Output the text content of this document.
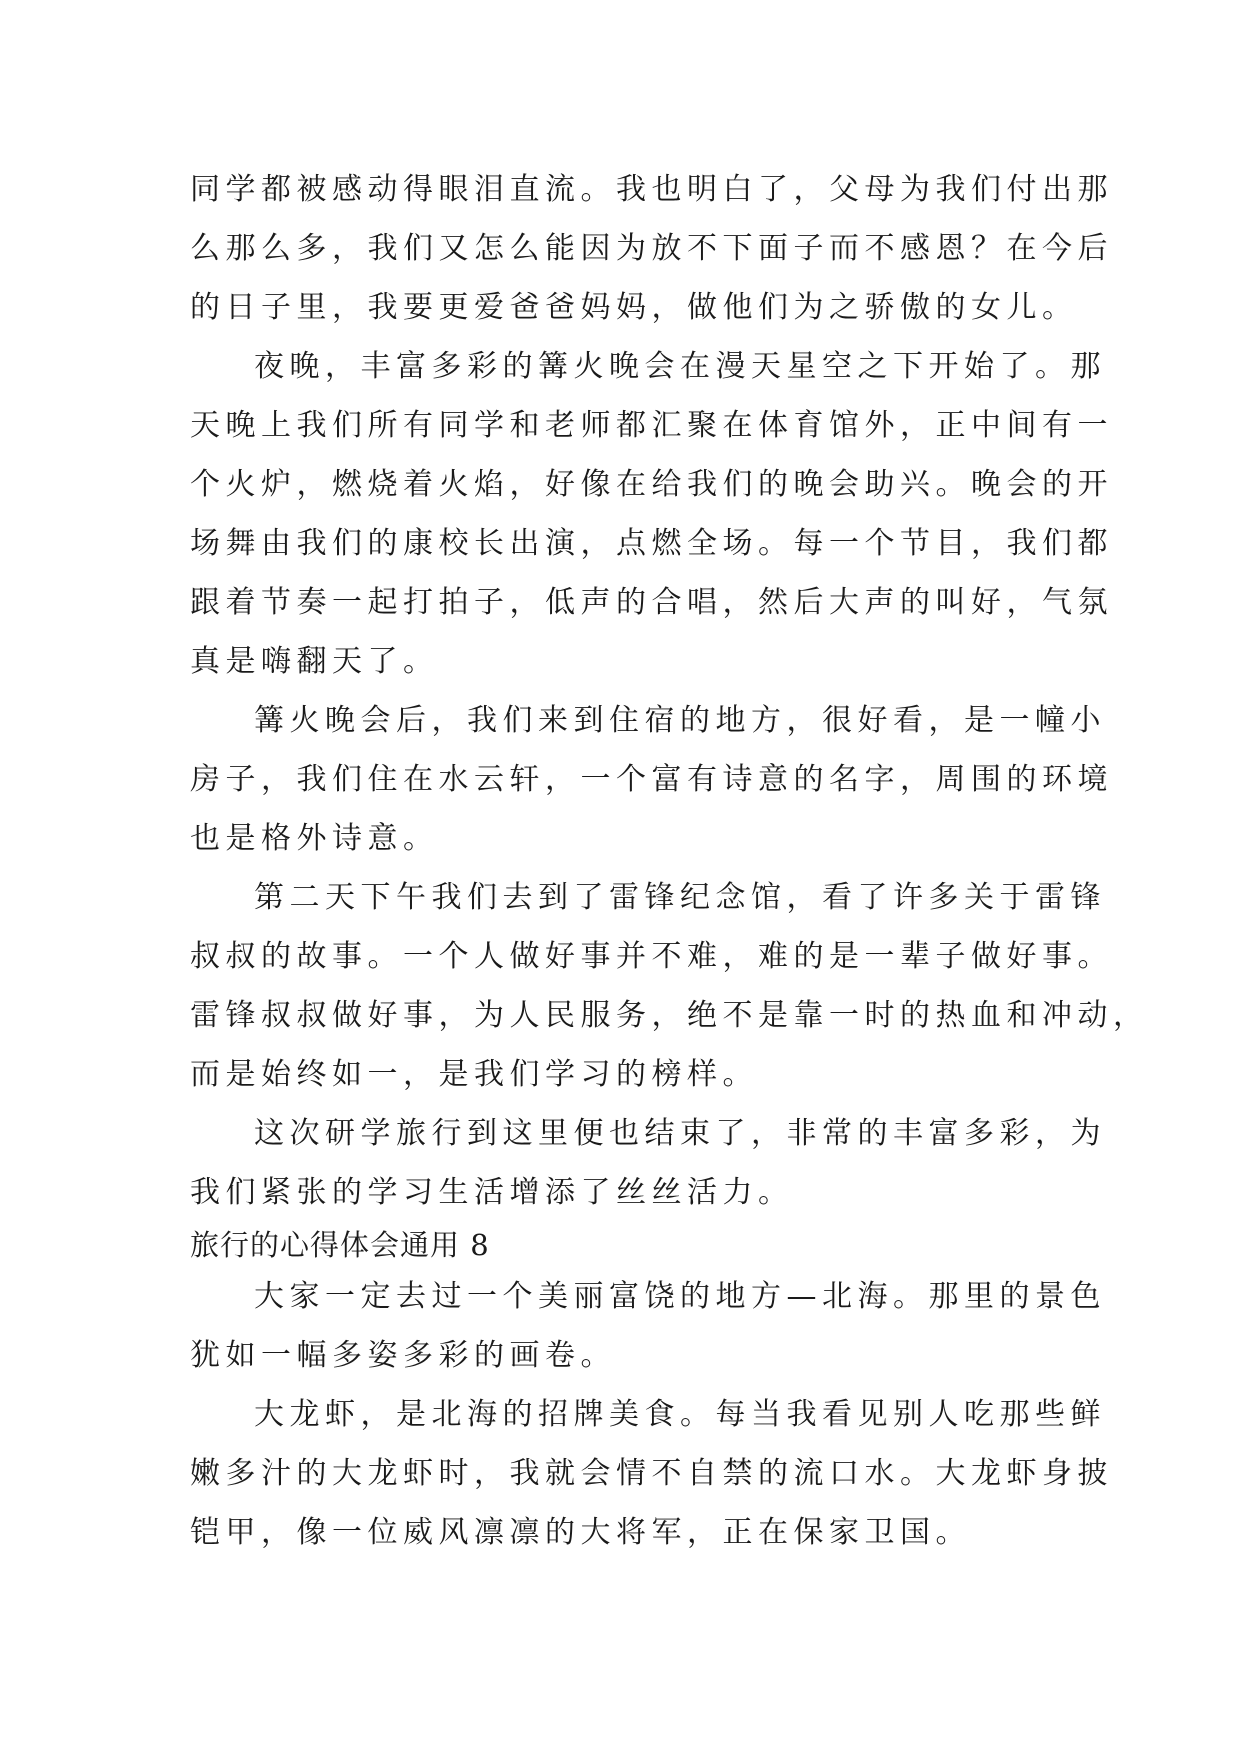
同学都被感动得眼泪直流。我也明白了，父母为我们付出那
么那么多，我们又怎么能因为放不下面子而不感恩？在今后
的日子里，我要更爱爸爸妈妈，做他们为之骄傲的女儿。
夜晚，丰富多彩的篝火晚会在漫天星空之下开始了。那
天晚上我们所有同学和老师都汇聚在体育馆外，正中间有一
个火炉，燃烧着火焰，好像在给我们的晚会助兴。晚会的开
场舞由我们的康校长出演，点燃全场。每一个节目，我们都
跟着节奏一起打拍子，低声的合唱，然后大声的叫好，气氛
真是嗨翻天了。
篝火晚会后，我们来到住宿的地方，很好看，是一幢小
房子，我们住在水云轩，一个富有诗意的名字，周围的环境
也是格外诗意。
第二天下午我们去到了雷锋纪念馆，看了许多关于雷锋
叔叔的故事。一个人做好事并不难，难的是一辈子做好事。
雷锋叔叔做好事，为人民服务，绝不是靠一时的热血和冲动，
而是始终如一，是我们学习的榜样。
这次研学旅行到这里便也结束了，非常的丰富多彩，为
我们紧张的学习生活增添了丝丝活力。
旅行的心得体会通用 8
大家一定去过一个美丽富饶的地方—北海。那里的景色
犹如一幅多姿多彩的画卷。
大龙虾，是北海的招牌美食。每当我看见别人吃那些鲜
嫩多汁的大龙虾时，我就会情不自禁的流口水。大龙虾身披
铠甲，像一位威风凛凛的大将军，正在保家卫国。
